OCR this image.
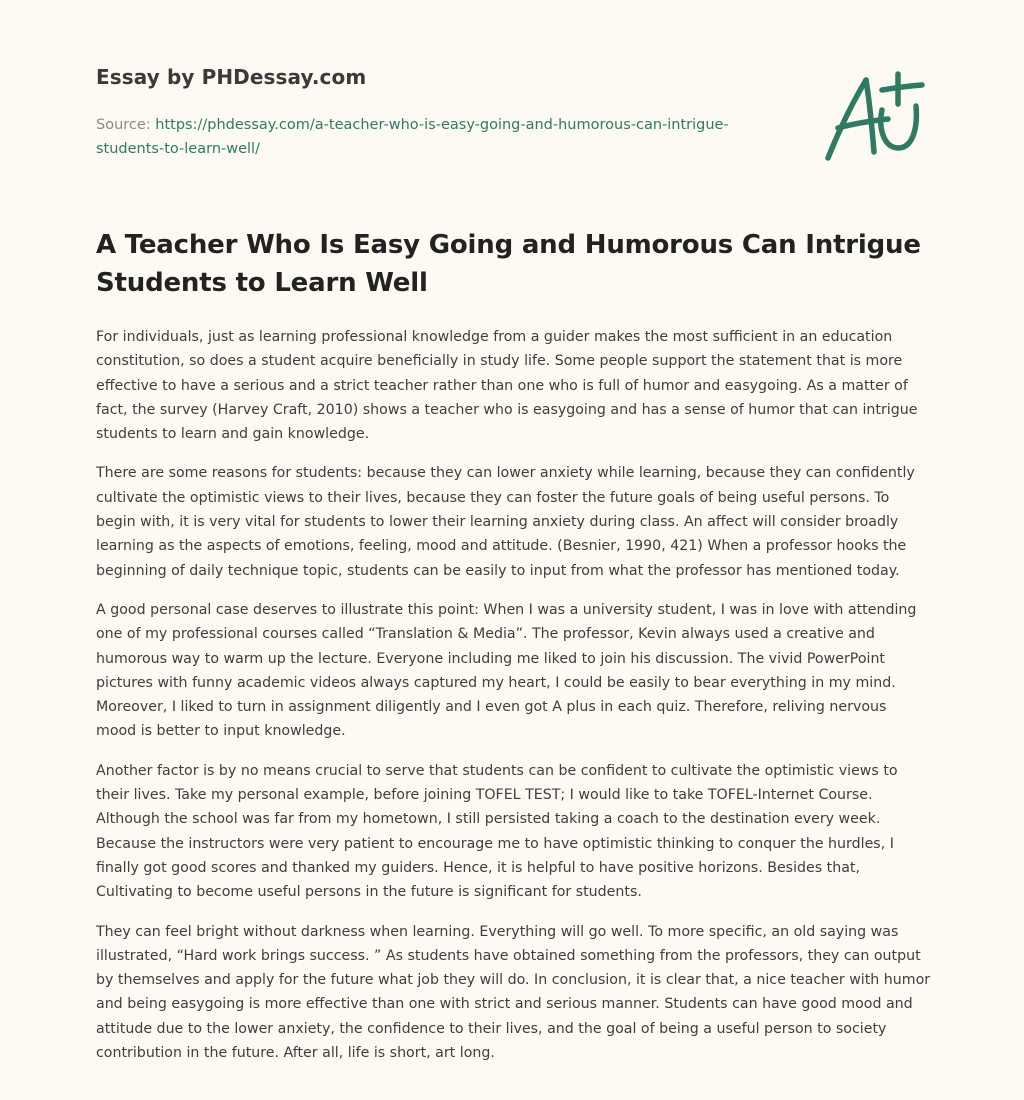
Essay by PHDessay.com
Source: https://phdessay.com/a-teacher-who-is-easy-going-and-humorous-can-intrigue-students-to-learn-well/
A Teacher Who Is Easy Going and Humorous Can Intrigue Students to Learn Well

For individuals, just as learning professional knowledge from a guider makes the most sufficient in an education constitution, so does a student acquire beneficially in study life. Some people support the statement that is more effective to have a serious and a strict teacher rather than one who is full of humor and easygoing. As a matter of fact, the survey (Harvey Craft, 2010) shows a teacher who is easygoing and has a sense of humor that can intrigue students to learn and gain knowledge.

There are some reasons for students: because they can lower anxiety while learning, because they can confidently cultivate the optimistic views to their lives, because they can foster the future goals of being useful persons. To begin with, it is very vital for students to lower their learning anxiety during class. An affect will consider broadly learning as the aspects of emotions, feeling, mood and attitude. (Besnier, 1990, 421) When a professor hooks the beginning of daily technique topic, students can be easily to input from what the professor has mentioned today.

A good personal case deserves to illustrate this point: When I was a university student, I was in love with attending one of my professional courses called “Translation & Media”. The professor, Kevin always used a creative and humorous way to warm up the lecture. Everyone including me liked to join his discussion. The vivid PowerPoint pictures with funny academic videos always captured my heart, I could be easily to bear everything in my mind. Moreover, I liked to turn in assignment diligently and I even got A plus in each quiz. Therefore, reliving nervous mood is better to input knowledge.

Another factor is by no means crucial to serve that students can be confident to cultivate the optimistic views to their lives. Take my personal example, before joining TOFEL TEST; I would like to take TOFEL-Internet Course. Although the school was far from my hometown, I still persisted taking a coach to the destination every week. Because the instructors were very patient to encourage me to have optimistic thinking to conquer the hurdles, I finally got good scores and thanked my guiders. Hence, it is helpful to have positive horizons. Besides that, Cultivating to become useful persons in the future is significant for students.

They can feel bright without darkness when learning. Everything will go well. To more specific, an old saying was illustrated, “Hard work brings success. ” As students have obtained something from the professors, they can output by themselves and apply for the future what job they will do. In conclusion, it is clear that, a nice teacher with humor and being easygoing is more effective than one with strict and serious manner. Students can have good mood and attitude due to the lower anxiety, the confidence to their lives, and the goal of being a useful person to society contribution in the future. After all, life is short, art long.
